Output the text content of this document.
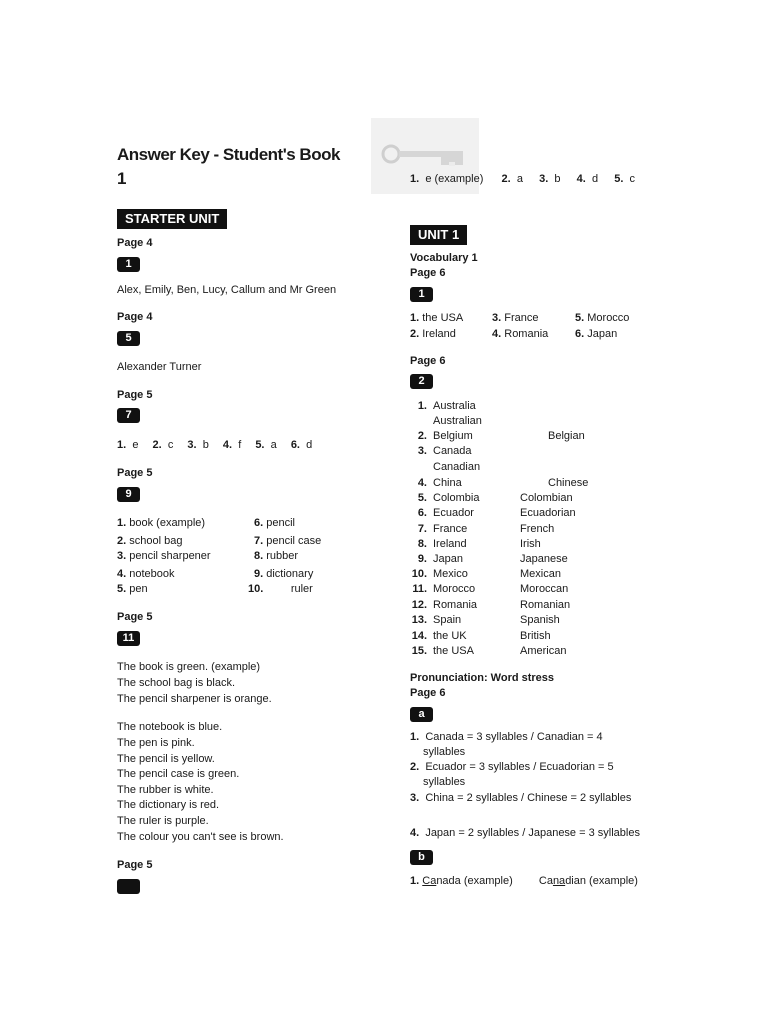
Answer Key - Student's Book
1	1. e (example) 2. a 3. b 4. d 5. c
STARTER UNIT
Page 4
1
Alex, Emily, Ben, Lucy, Callum and Mr Green
Page 4
5
Alexander Turner
Page 5
7
1. e 2. c 3. b 4. f 5. a 6. d
Page 5
9
1. book (example)
2. school bag
3. pencil sharpener
4. notebook
5. pen
6. pencil
7. pencil case
8. rubber
9. dictionary
10.	ruler
Page 5
11
The book is green. (example)
The school bag is black.
The pencil sharpener is orange.
The notebook is blue.
The pen is pink.
The pencil is yellow.
The pencil case is green.
The rubber is white.
The dictionary is red.
The ruler is purple.
The colour you can't see is brown.
Page 5
UNIT 1
Vocabulary 1
Page 6
1
1. the USA
2. Ireland
3. France
4. Romania
5. Morocco
6. Japan
Page 6
2
1. Australia
Australian
2. Belgium	Belgian
3. Canada
Canadian
4. China	Chinese
5. Colombia	Colombian
6. Ecuador	Ecuadorian
7. France	French
8. Ireland	Irish
9. Japan	Japanese
10. Mexico	Mexican
11. Morocco	Moroccan
12. Romania	Romanian
13. Spain	Spanish
14. the UK	British
15. the USA	American
Pronunciation: Word stress
Page 6
a
1. Canada = 3 syllables / Canadian = 4
syllables
2. Ecuador = 3 syllables / Ecuadorian = 5
syllables
3. China = 2 syllables / Chinese = 2 syllables
4. Japan = 2 syllables / Japanese = 3 syllables
b
1. Canada (example) Canadian (example)
